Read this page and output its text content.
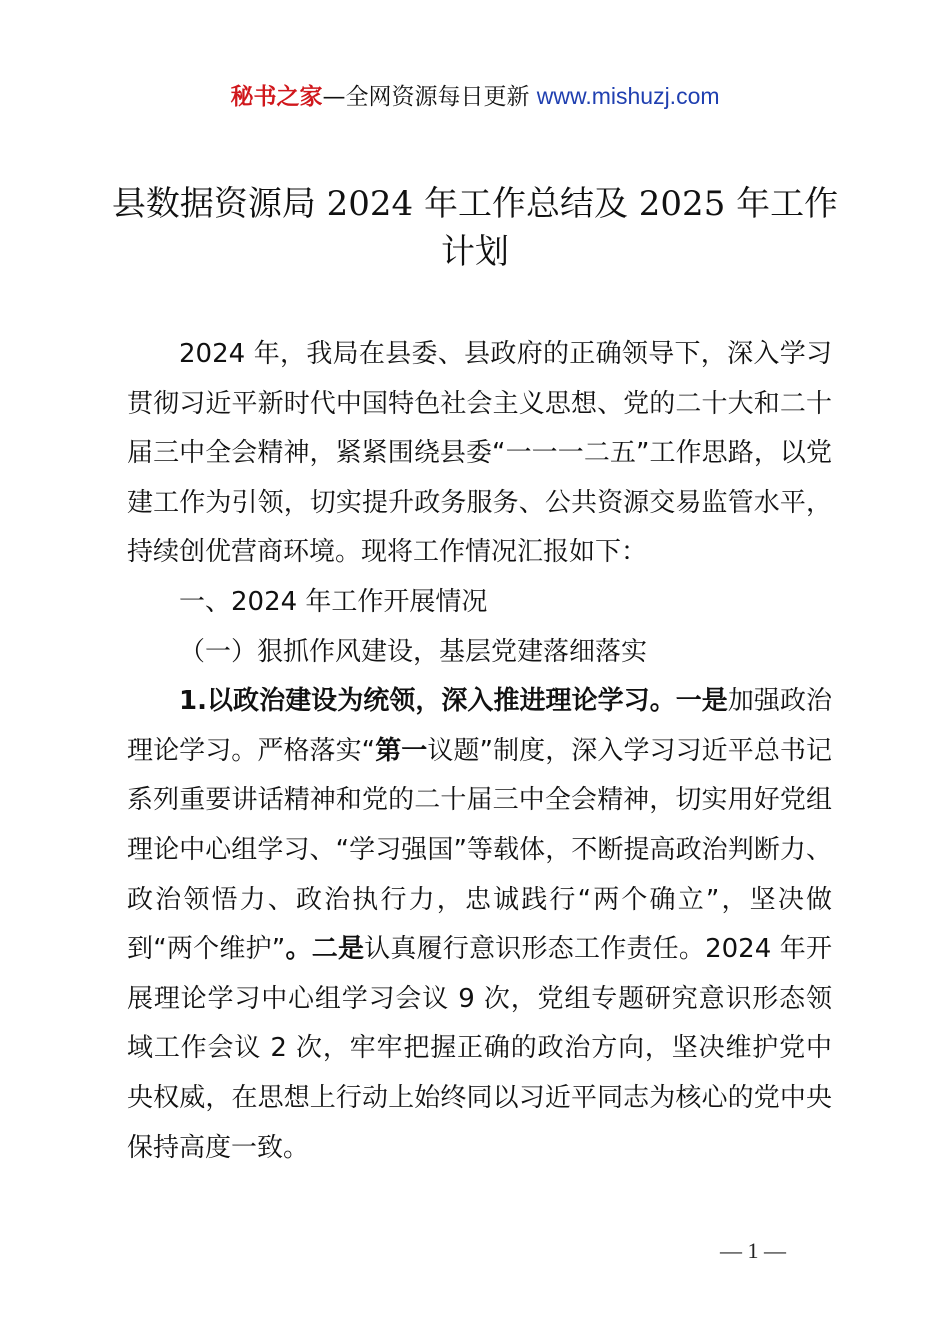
秘书之家—全网资源每日更新 www.mishuzj.com
县数据资源局 2024 年工作总结及 2025 年工作
计划

2024 年，我局在县委、县政府的正确领导下，深入学习贯彻习近平新时代中国特色社会主义思想、党的二十大和二十届三中全会精神，紧紧围绕县委“一一一二五”工作思路，以党建工作为引领，切实提升政务服务、公共资源交易监管水平，持续创优营商环境。现将工作情况汇报如下：

一、2024 年工作开展情况

（一）狠抓作风建设，基层党建落细落实

1.以政治建设为统领，深入推进理论学习。一是加强政治理论学习。严格落实“第一议题”制度，深入学习习近平总书记系列重要讲话精神和党的二十届三中全会精神，切实用好党组理论中心组学习、“学习强国”等载体，不断提高政治判断力、政治领悟力、政治执行力，忠诚践行“两个确立”，坚决做到“两个维护”。二是认真履行意识形态工作责任。2024 年开展理论学习中心组学习会议 9 次，党组专题研究意识形态领域工作会议 2 次，牢牢把握正确的政治方向，坚决维护党中央权威，在思想上行动上始终同以习近平同志为核心的党中央保持高度一致。

— 1 —
